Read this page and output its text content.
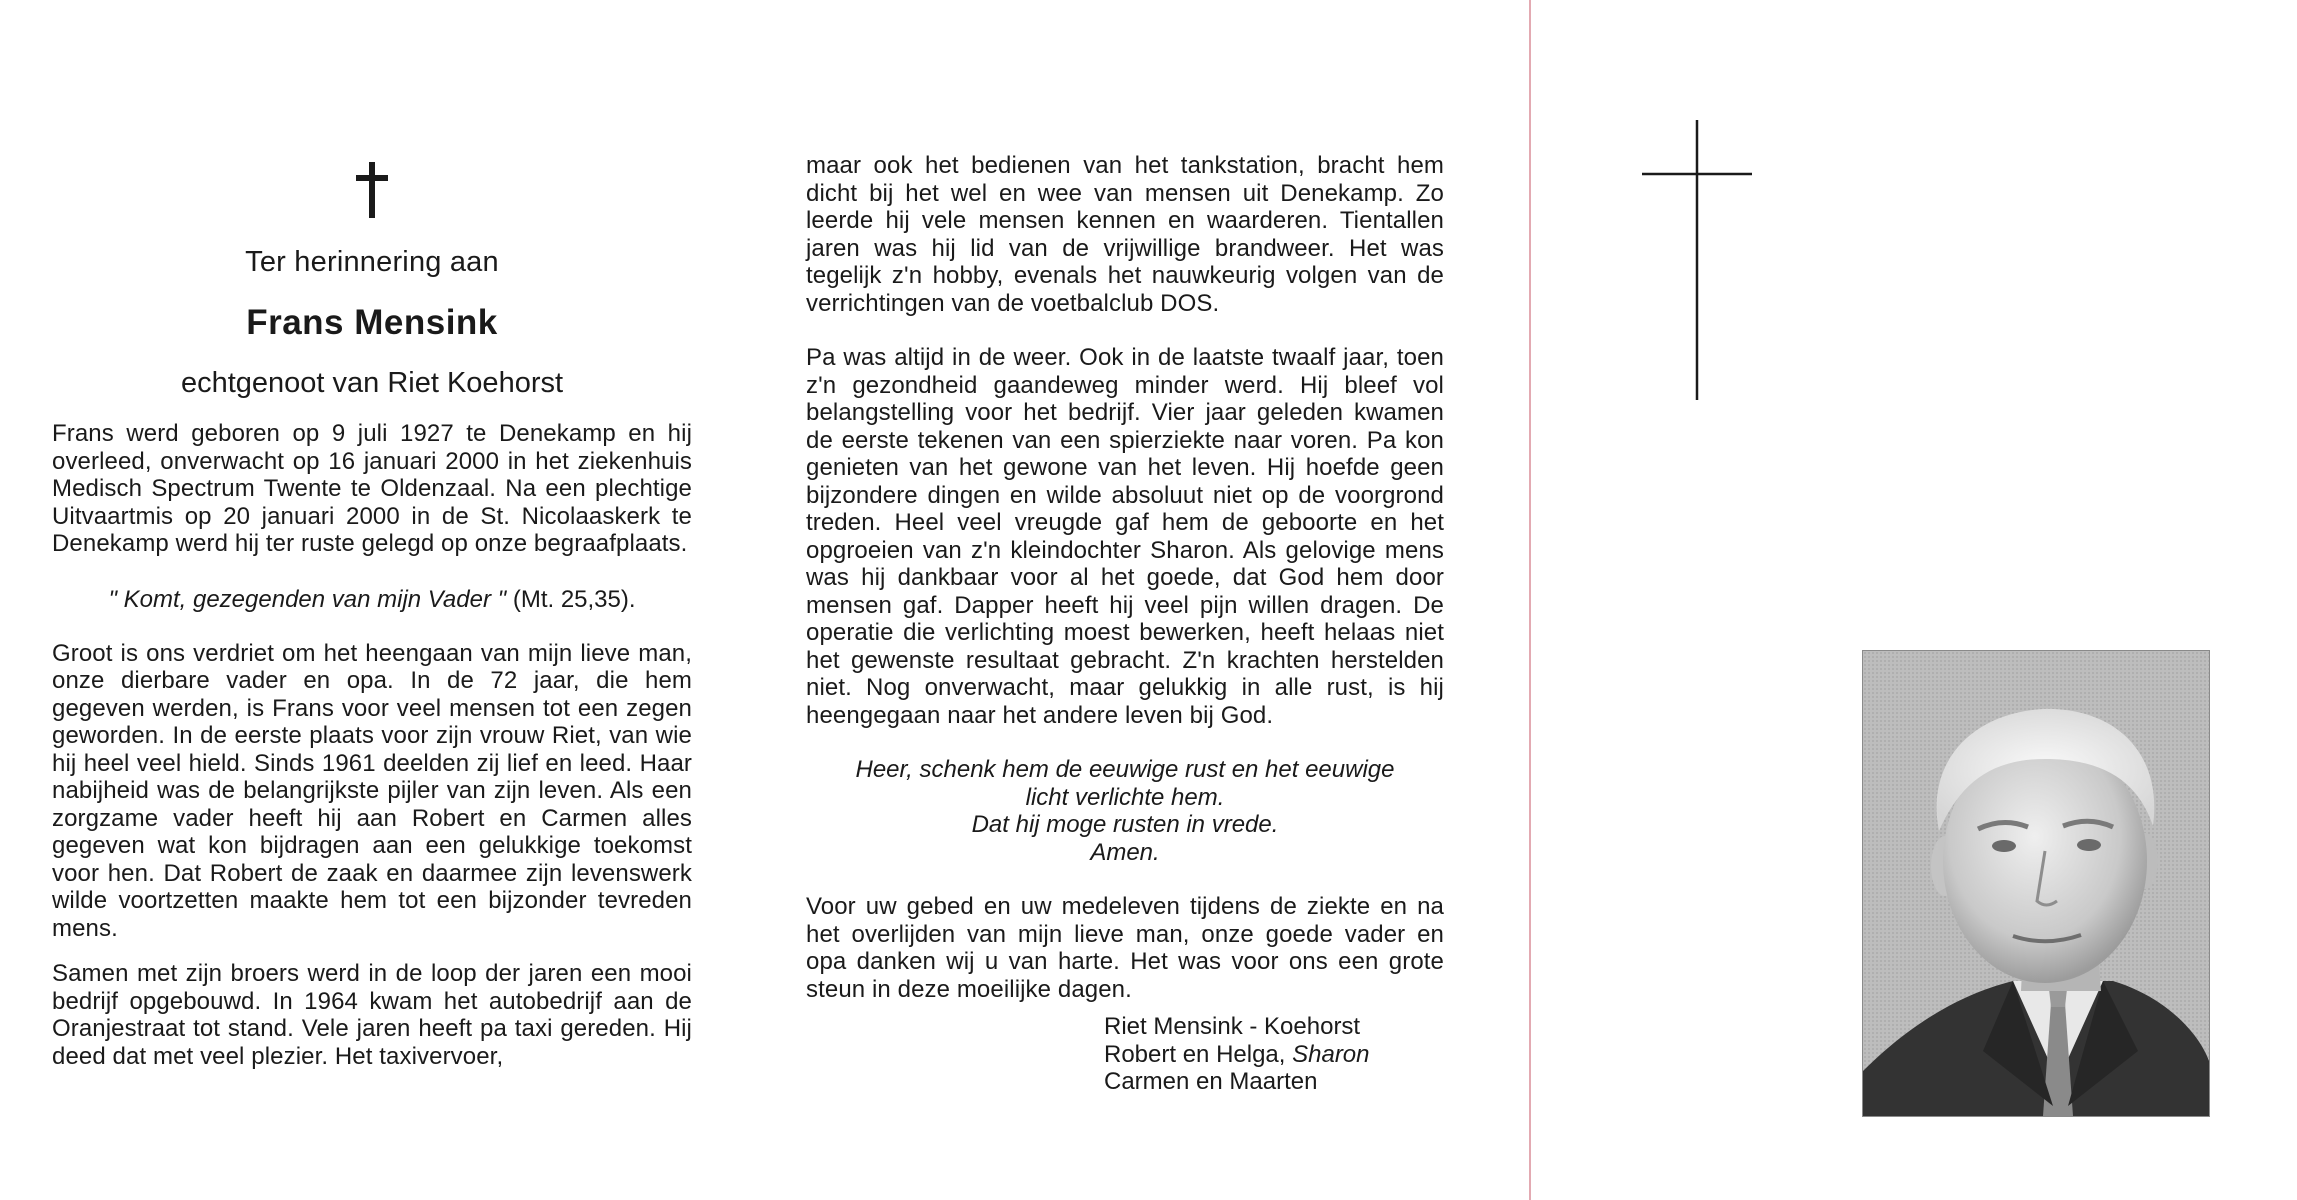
Ter herinnering aan
Frans Mensink
echtgenoot van Riet Koehorst

Frans werd geboren op 9 juli 1927 te Denekamp en hij overleed, onverwacht op 16 januari 2000 in het ziekenhuis Medisch Spectrum Twente te Oldenzaal. Na een plechtige Uitvaartmis op 20 januari 2000 in de St. Nicolaaskerk te Denekamp werd hij ter ruste gelegd op onze begraafplaats.

" Komt, gezegenden van mijn Vader " (Mt. 25,35).

Groot is ons verdriet om het heengaan van mijn lieve man, onze dierbare vader en opa. In de 72 jaar, die hem gegeven werden, is Frans voor veel mensen tot een zegen geworden. In de eerste plaats voor zijn vrouw Riet, van wie hij heel veel hield. Sinds 1961 deelden zij lief en leed. Haar nabijheid was de belangrijkste pijler van zijn leven. Als een zorgzame vader heeft hij aan Robert en Carmen alles gegeven wat kon bijdragen aan een gelukkige toekomst voor hen. Dat Robert de zaak en daarmee zijn levenswerk wilde voortzetten maakte hem tot een bijzonder tevreden mens.

Samen met zijn broers werd in de loop der jaren een mooi bedrijf opgebouwd. In 1964 kwam het autobedrijf aan de Oranjestraat tot stand. Vele jaren heeft pa taxi gereden. Hij deed dat met veel plezier. Het taxivervoer,

maar ook het bedienen van het tankstation, bracht hem dicht bij het wel en wee van mensen uit Denekamp. Zo leerde hij vele mensen kennen en waarderen. Tientallen jaren was hij lid van de vrijwillige brandweer. Het was tegelijk z'n hobby, evenals het nauwkeurig volgen van de verrichtingen van de voetbalclub DOS.

Pa was altijd in de weer. Ook in de laatste twaalf jaar, toen z'n gezondheid gaandeweg minder werd. Hij bleef vol belangstelling voor het bedrijf. Vier jaar geleden kwamen de eerste tekenen van een spierziekte naar voren. Pa kon genieten van het gewone van het leven. Hij hoefde geen bijzondere dingen en wilde absoluut niet op de voorgrond treden. Heel veel vreugde gaf hem de geboorte en het opgroeien van z'n kleindochter Sharon. Als gelovige mens was hij dankbaar voor al het goede, dat God hem door mensen gaf. Dapper heeft hij veel pijn willen dragen. De operatie die verlichting moest bewerken, heeft helaas niet het gewenste resultaat gebracht. Z'n krachten herstelden niet. Nog onverwacht, maar gelukkig in alle rust, is hij heengegaan naar het andere leven bij God.

Heer, schenk hem de eeuwige rust en het eeuwige
licht verlichte hem.
Dat hij moge rusten in vrede.
Amen.

Voor uw gebed en uw medeleven tijdens de ziekte en na het overlijden van mijn lieve man, onze goede vader en opa danken wij u van harte. Het was voor ons een grote steun in deze moeilijke dagen.

Riet Mensink - Koehorst
Robert en Helga, Sharon
Carmen en Maarten
